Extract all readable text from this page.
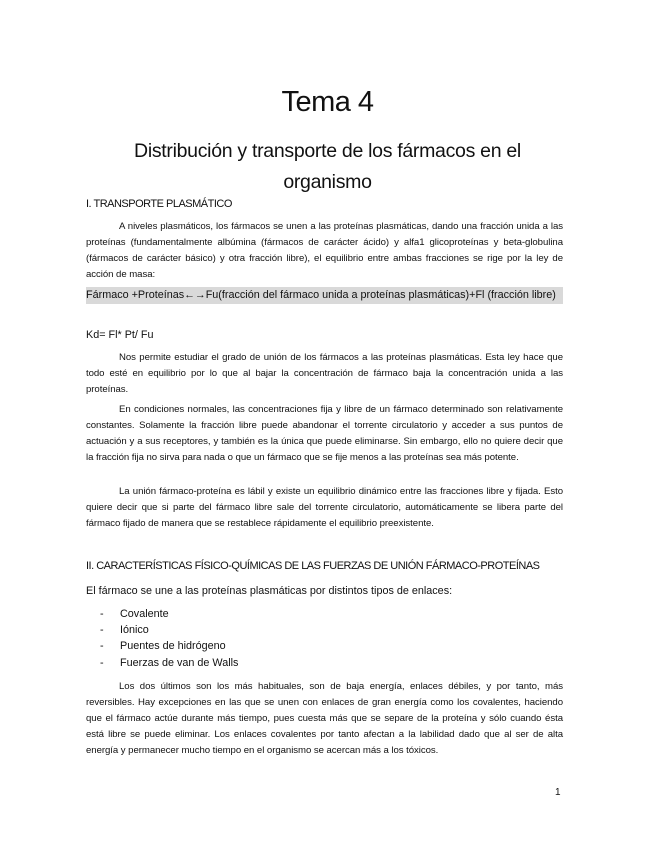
Tema 4
Distribución y transporte de los fármacos en el organismo
I. TRANSPORTE PLASMÁTICO
A niveles plasmáticos, los fármacos se unen a las proteínas plasmáticas, dando una fracción unida a las proteínas (fundamentalmente albúmina (fármacos de carácter ácido) y alfa1 glicoproteínas y beta-globulina (fármacos de carácter básico) y otra fracción libre), el equilibrio entre ambas fracciones se rige por la ley de acción de masa:
Fármaco +Proteínas←→Fu(fracción del fármaco unida a proteínas plasmáticas)+Fl (fracción libre)
Kd= Fl* Pt/ Fu
Nos permite estudiar el grado de unión de los fármacos a las proteínas plasmáticas. Esta ley hace que todo esté en equilibrio por lo que al bajar la concentración de fármaco baja la concentración unida a las proteínas.
En condiciones normales, las concentraciones fija y libre de un fármaco determinado son relativamente constantes. Solamente la fracción libre puede abandonar el torrente circulatorio y acceder a sus puntos de actuación y a sus receptores, y también es la única que puede eliminarse. Sin embargo, ello no quiere decir que la fracción fija no sirva para nada o que un fármaco que se fije menos a las proteínas sea más potente.
La unión fármaco-proteína es lábil y existe un equilibrio dinámico entre las fracciones libre y fijada. Esto quiere decir que si parte del fármaco libre sale del torrente circulatorio, automáticamente se libera parte del fármaco fijado de manera que se restablece rápidamente el equilibrio preexistente.
II. CARACTERÍSTICAS FÍSICO-QUÍMICAS DE LAS FUERZAS DE UNIÓN FÁRMACO-PROTEÍNAS
El fármaco se une a las proteínas plasmáticas por distintos tipos de enlaces:
- Covalente
- Iónico
- Puentes de hidrógeno
- Fuerzas de van de Walls
Los dos últimos son los más habituales, son de baja energía, enlaces débiles, y por tanto, más reversibles. Hay excepciones en las que se unen con enlaces de gran energía como los covalentes, haciendo que el fármaco actúe durante más tiempo, pues cuesta más que se separe de la proteína y sólo cuando ésta está libre se puede eliminar. Los enlaces covalentes por tanto afectan a la labilidad dado que al ser de alta energía y permanecer mucho tiempo en el organismo se acercan más a los tóxicos.
1
